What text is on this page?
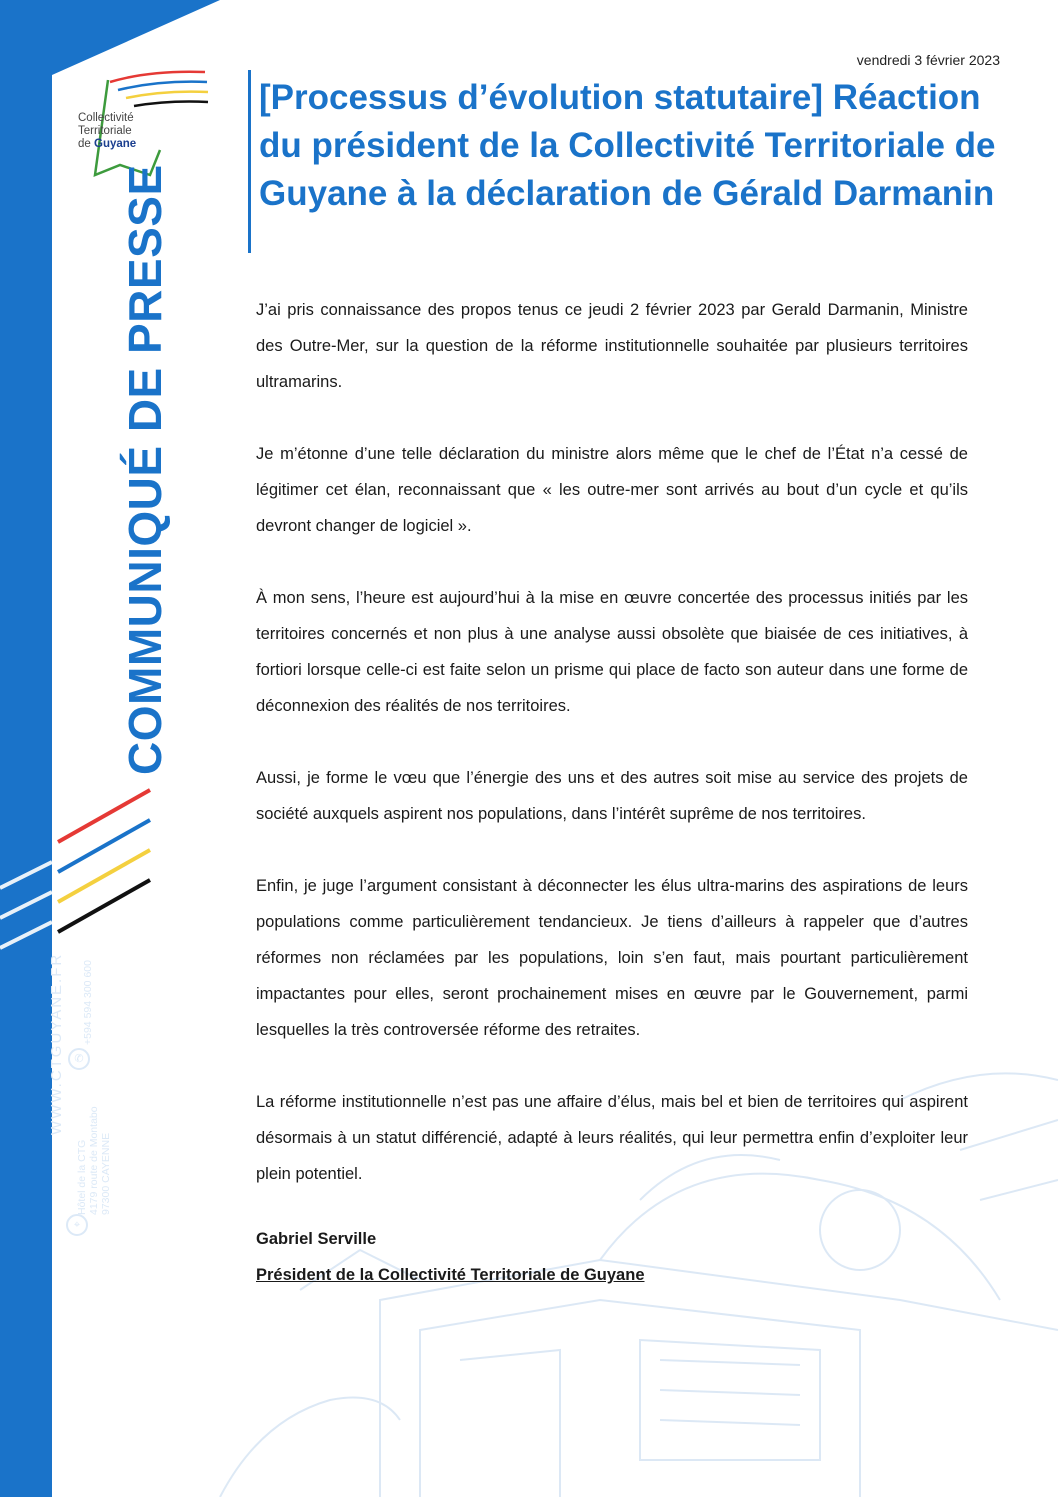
Collectivité
Territoriale
de Guyane
COMMUNIQUÉ DE PRESSE
WWW.CTGUYANE.FR ✆
+594 594 300 600
⌖
Hôtel de la CTG 4179 route de Montabo 97300 CAYENNE
◐
vendredi 3 février 2023
[Processus d’évolution statutaire] Réaction du président de la Collectivité Territoriale de Guyane à la déclaration de Gérald Darmanin

J’ai pris connaissance des propos tenus ce jeudi 2 février 2023 par Gerald Darmanin, Ministre des Outre-Mer, sur la question de la réforme institutionnelle souhaitée par plusieurs territoires ultramarins.

Je m’étonne d’une telle déclaration du ministre alors même que le chef de l’État n’a cessé de légitimer cet élan, reconnaissant que « les outre-mer sont arrivés au bout d’un cycle et qu’ils devront changer de logiciel ».

À mon sens, l’heure est aujourd’hui à la mise en œuvre concertée des processus initiés par les territoires concernés et non plus à une analyse aussi obsolète que biaisée de ces initiatives, à fortiori lorsque celle-ci est faite selon un prisme qui place de facto son auteur dans une forme de déconnexion des réalités de nos territoires.

Aussi, je forme le vœu que l’énergie des uns et des autres soit mise au service des projets de société auxquels aspirent nos populations, dans l’intérêt suprême de nos territoires.

Enfin, je juge l’argument consistant à déconnecter les élus ultra-marins des aspirations de leurs populations comme particulièrement tendancieux. Je tiens d’ailleurs à rappeler que d’autres réformes non réclamées par les populations, loin s’en faut, mais pourtant particulièrement impactantes pour elles, seront prochainement mises en œuvre par le Gouvernement, parmi lesquelles la très controversée réforme des retraites.

La réforme institutionnelle n’est pas une affaire d’élus, mais bel et bien de territoires qui aspirent désormais à un statut différencié, adapté à leurs réalités, qui leur permettra enfin d’exploiter leur plein potentiel.

Gabriel Serville
Président de la Collectivité Territoriale de Guyane
